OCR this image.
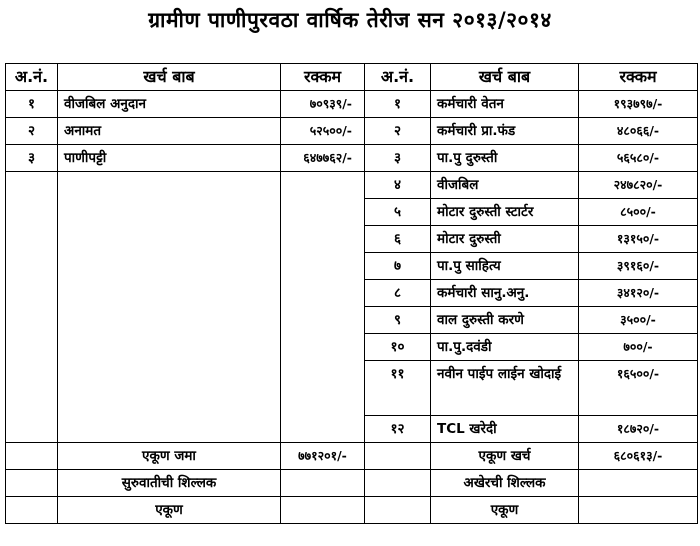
ग्रामीण पाणीपुरवठा वार्षिक तेरीज सन २०१३/२०१४
अ.नं.	खर्च बाब	रक्कम	अ.नं.	खर्च बाब	रक्कम
१	वीजबिल अनुदान	७०९३९/-	१	कर्मचारी वेतन	१९३७९७/-
२	अनामत	५२५००/-	२	कर्मचारी प्रा.फंड	४८०६६/-
३	पाणीपट्टी	६४७७६२/-	३	पा.पु दुरुस्ती	५६५८०/-
			४	वीजबिल	२४७८२०/-
			५	मोटार दुरुस्ती स्टार्टर	८५००/-
			६	मोटार दुरुस्ती	१३१५०/-
			७	पा.पु साहित्य	३९१६०/-
			८	कर्मचारी सानु.अनु.	३४१२०/-
			९	वाल दुरुस्ती करणे	३५००/-
			१०	पा.पु.दवंडी	७००/-
			११	नवीन पाईप लाईन खोदाई	१६५००/-
			१२	TCL खरेदी	१८७२०/-
	एकूण जमा	७७१२०१/-		एकूण खर्च	६८०६१३/-
	सुरुवातीची शिल्लक			अखेरची शिल्लक	
	एकूण			एकूण	
